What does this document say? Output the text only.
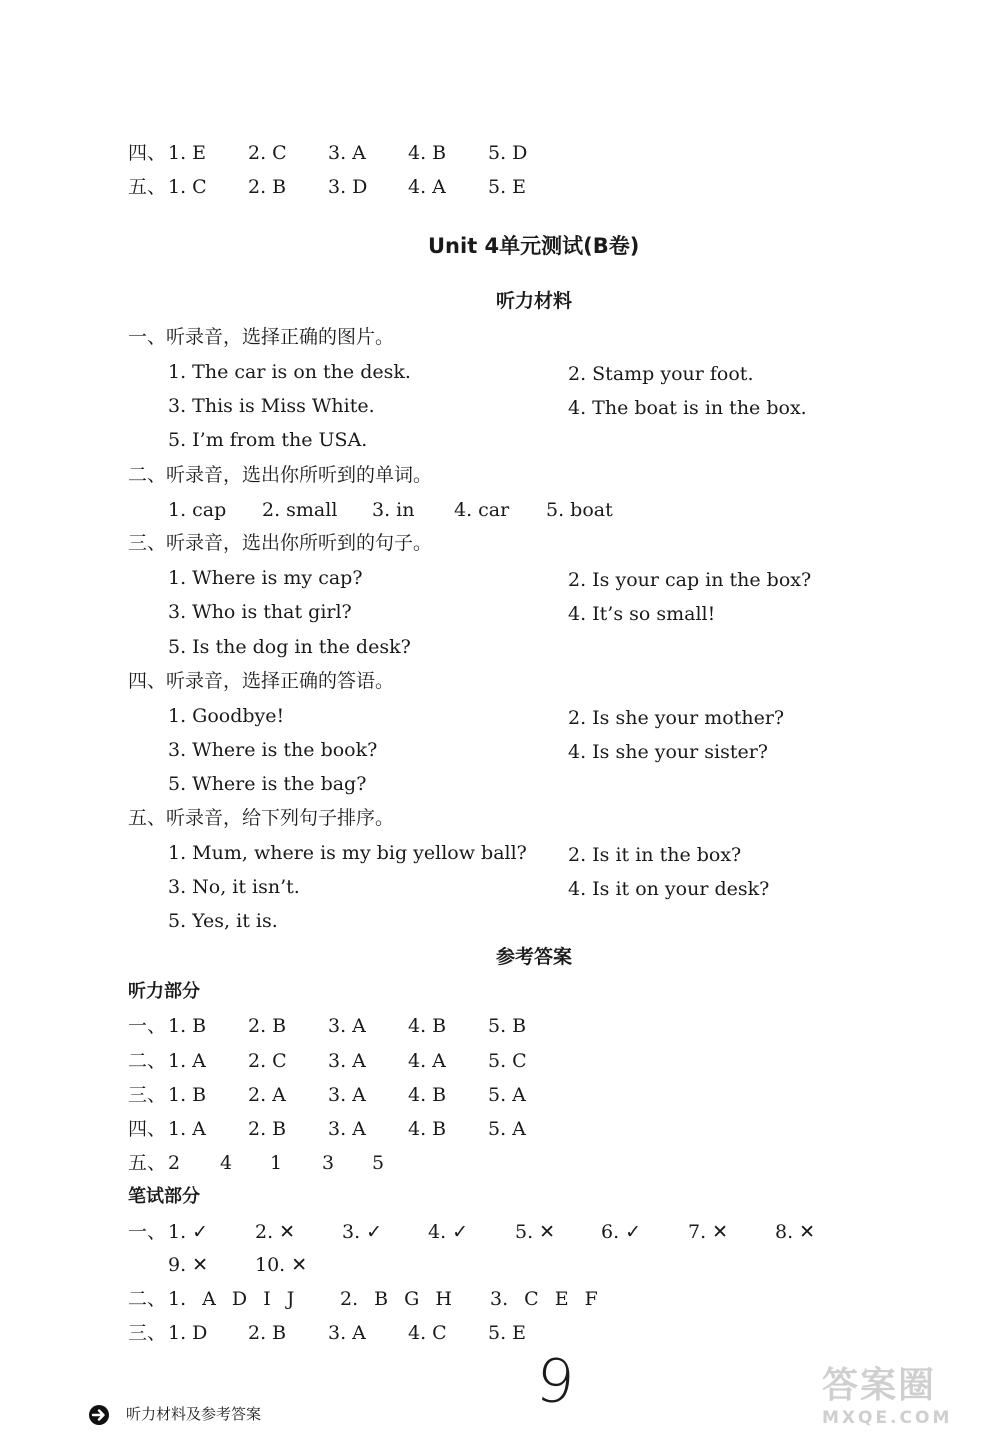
四、 1. E 2. C 3. A 4. B 5. D
五、 1. C 2. B 3. D 4. A 5. E
Unit 4单元测试(B卷)
听力材料
一、听录音，选择正确的图片。
1. The car is on the desk.	2. Stamp your foot.
3. This is Miss White.	4. The boat is in the box.
5. I’m from the USA.
二、听录音，选出你所听到的单词。
1. cap 2. small 3. in 4. car 5. boat
三、听录音，选出你所听到的句子。
1. Where is my cap?	2. Is your cap in the box?
3. Who is that girl?	4. It’s so small!
5. Is the dog in the desk?
四、听录音，选择正确的答语。
1. Goodbye!	2. Is she your mother?
3. Where is the book?	4. Is she your sister?
5. Where is the bag?
五、听录音，给下列句子排序。
1. Mum, where is my big yellow ball? 2. Is it in the box?
3. No, it isn’t.	4. Is it on your desk?
5. Yes, it is.
参考答案
听力部分
一、 1. B 2. B 3. A 4. B 5. B
二、 1. A 2. C 3. A 4. A 5. C
三、 1. B 2. A 3. A 4. B 5. A
四、 1. A 2. B 3. A 4. B 5. A
五、 2 4 1 3 5
笔试部分
一、 1. ✓ 2. ✕ 3. ✓ 4. ✓ 5. ✕ 6. ✓ 7. ✕ 8. ✕
9. ✕ 10. ✕
二、 1. A D I J 2. B G H 3. C E F
三、 1. D 2. B 3. A 4. C 5. E
听力材料及参考答案	9	答案圈
MXQE.COM
